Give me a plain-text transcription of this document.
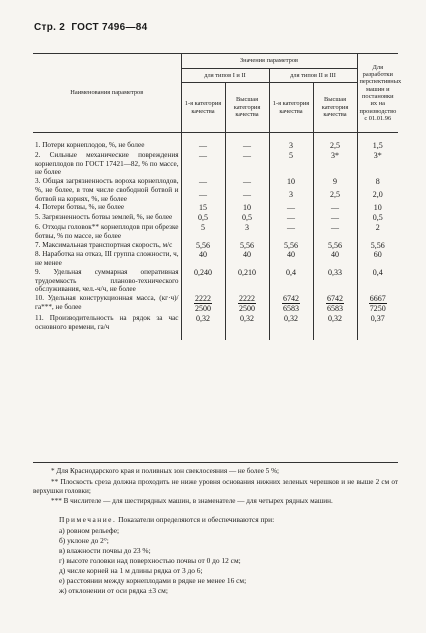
Стр. 2 ГОСТ 7496—84
Наименования параметров	Значения параметров				Для разработки перспективных машин и постановки их на производство с 01.01.96
	для типов I и II		для типов II и III		
	1-я категория качества	Высшая категория качества	1-я категория качества	Высшая категория качества	

1. Потери корнеплодов, %, не более	—	—	3	2,5	1,5
2. Сильные механические повреждения корнеплодов по ГОСТ 17421—82, % по массе, не более	—	—	5	3*	3*
3. Общая загрязненность вороха корнеплодов, %, не более, в том числе свободной ботвой и ботвой на корнях, %, не более	—	—	10	9	8
	—	—	3	2,5	2,0
4. Потери ботвы, %, не более	15	10	—	—	10
5. Загрязненность ботвы землей, %, не более	0,5	0,5	—	—	0,5
6. Отходы головок** корнеплодов при обрезке ботвы, % по массе, не более	5	3	—	—	2
7. Максимальная транспортная скорость, м/с	5,56	5,56	5,56	5,56	5,56
8. Наработка на отказ, III группа сложности, ч, не менее	40	40	40	40	60
9. Удельная суммарная оперативная трудоемкость планово-технического обслуживания, чел.-ч/ч, не более	0,240	0,210	0,4	0,33	0,4
10. Удельная конструкционная масса, (кг·ч)/га***, не более	$\frac{2222}{2500}$	$\frac{2222}{2500}$	$\frac{6742}{6583}$	$\frac{6742}{6583}$	$\frac{6667}{7250}$

11. Производительность на рядок за час основного времени, га/ч	0,32	0,32	0,32	0,32	0,37

* Для Краснодарского края и поливных зон свеклосеяния — не более 5 %;

** Плоскость среза должна проходить не ниже уровня основания нижних зеленых черешков и не выше 2 см от верхушки головки;

*** В числителе — для шестирядных машин, в знаменателе — для четырех рядных машин.

Примечание. Показатели определяются и обеспечиваются при:

а) ровном рельефе;
б) уклоне до 2°;
в) влажности почвы до 23 %;
г) высоте головки над поверхностью почвы от 0 до 12 см;
д) числе корней на 1 м длины рядка от 3 до 6;
е) расстоянии между корнеплодами в рядке не менее 16 см;
ж) отклонении от оси рядка ±3 см;
